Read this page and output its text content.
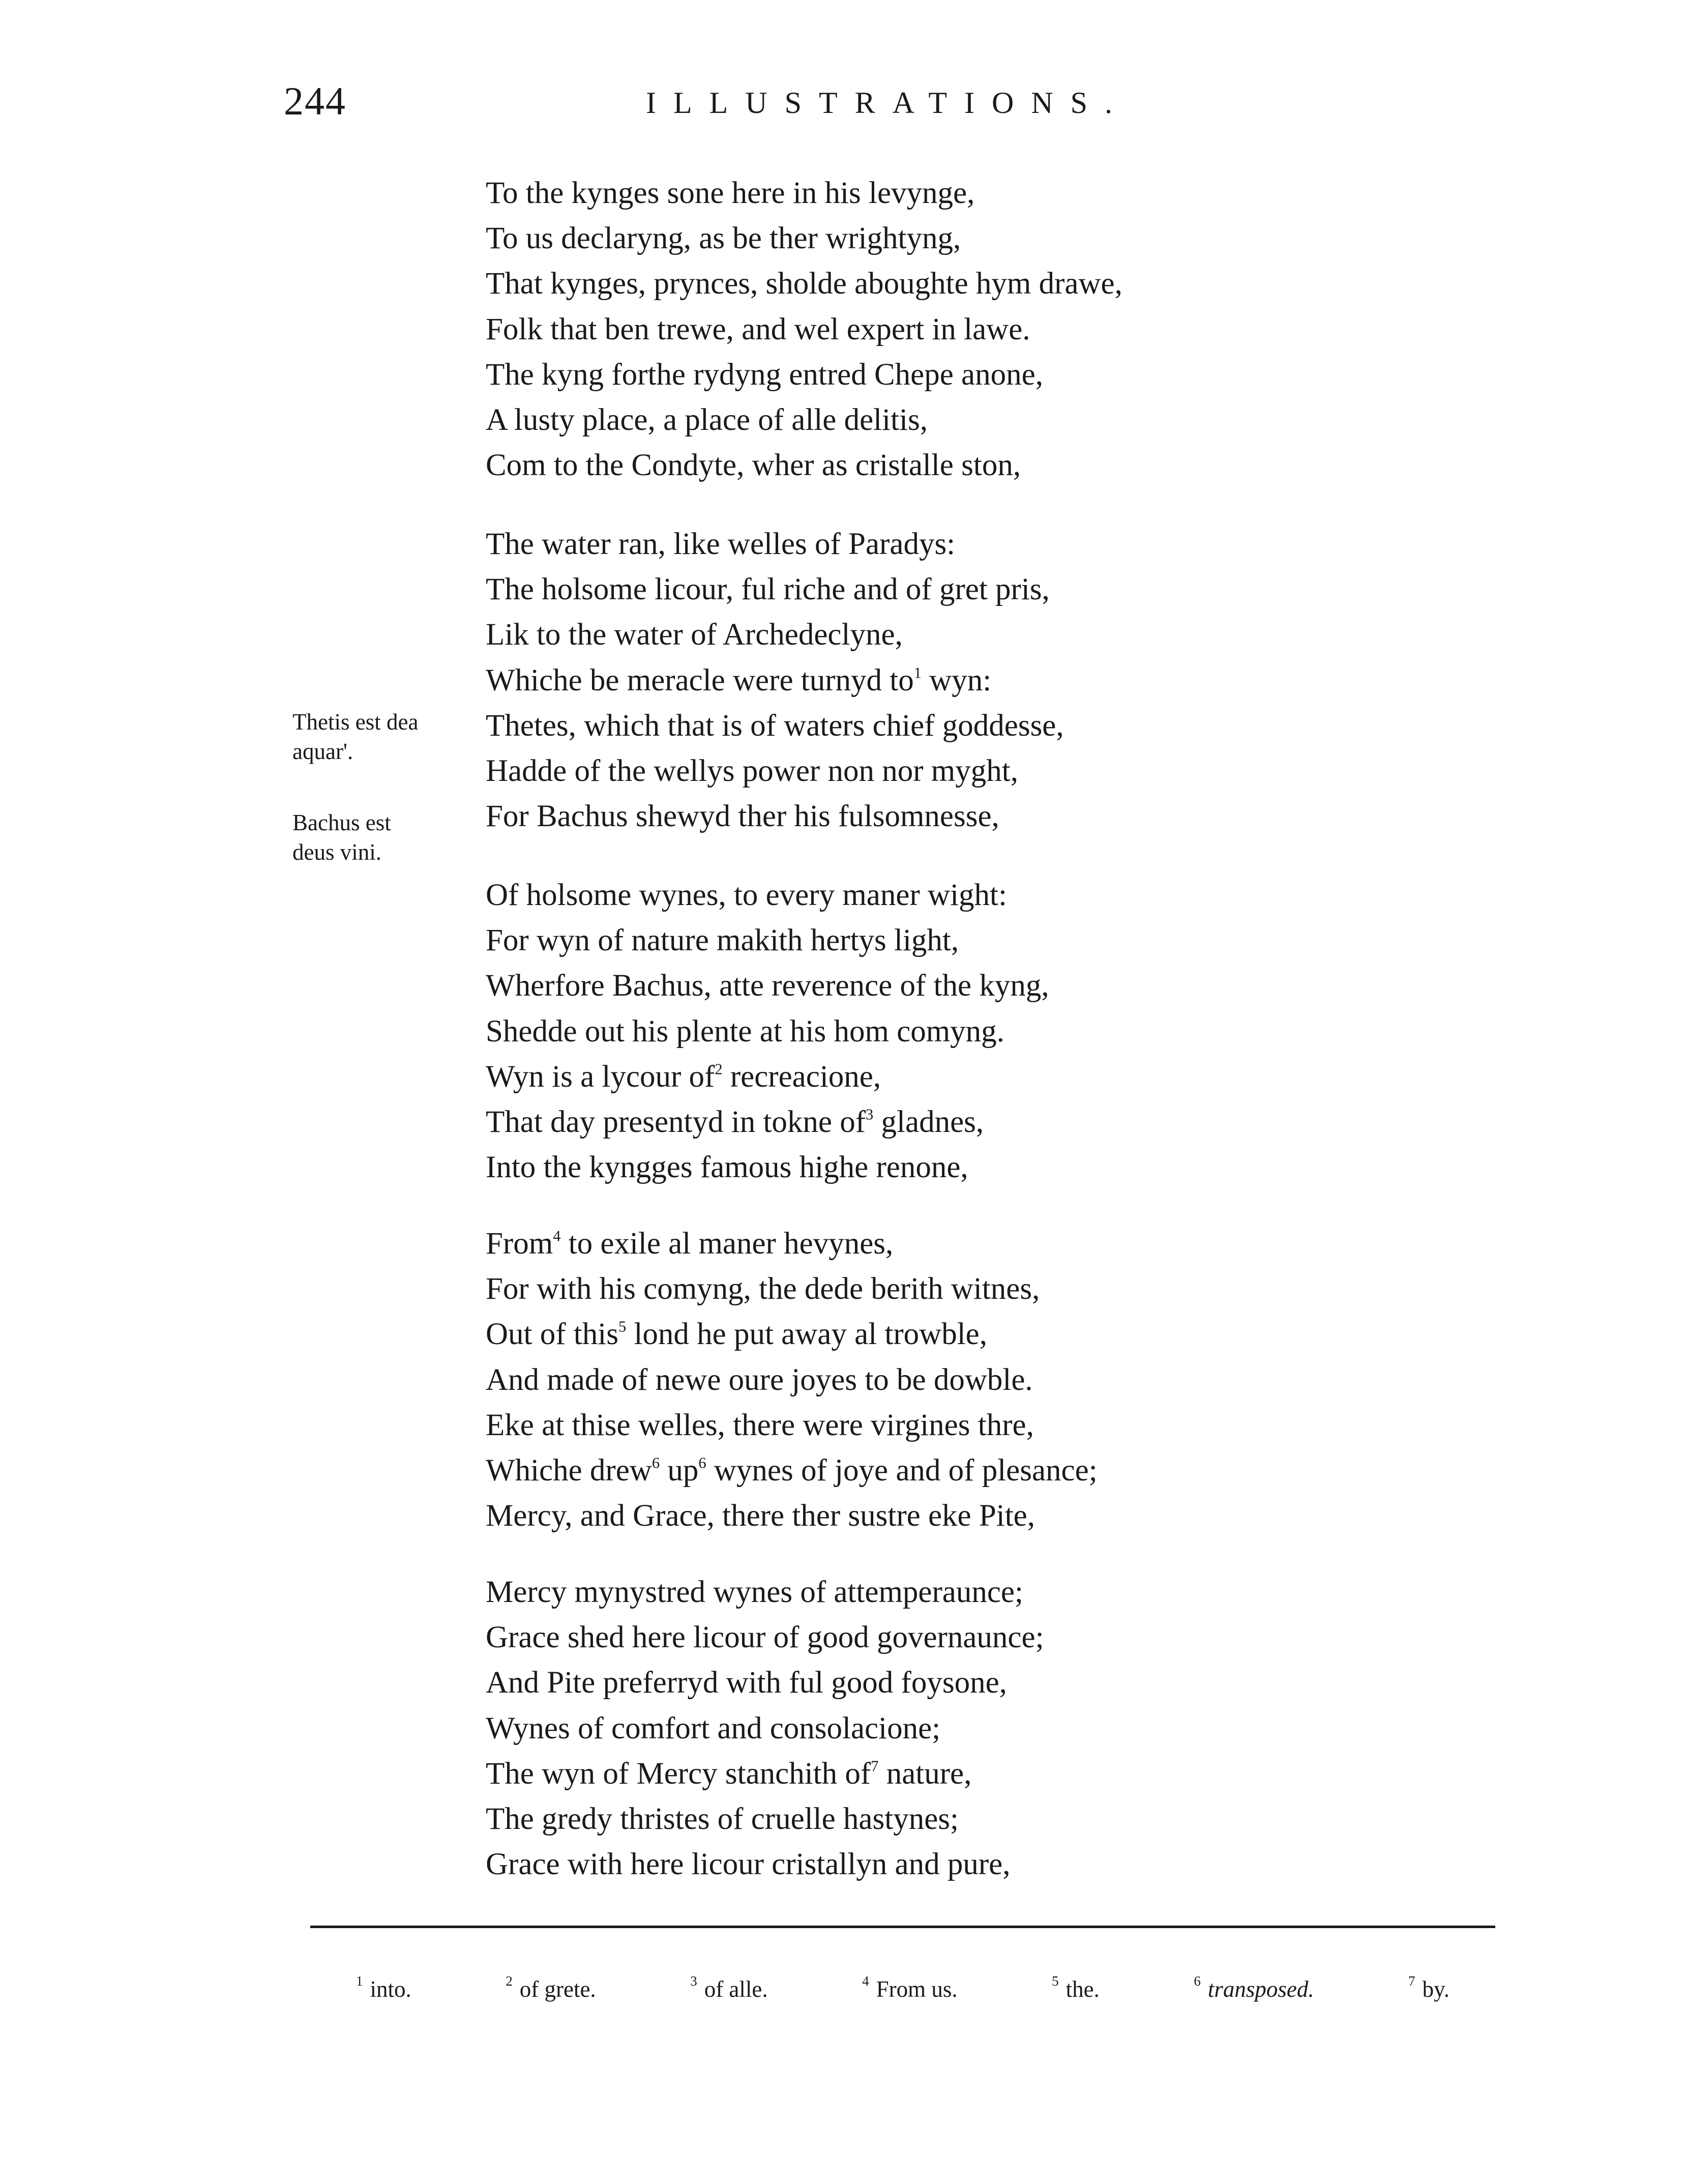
244	ILLUSTRATIONS.
To the kynges sone here in his levynge,
To us declaryng, as be ther wrightyng,
That kynges, prynces, sholde aboughte hym drawe,
Folk that ben trewe, and wel expert in lawe.
The kyng forthe rydyng entred Chepe anone,
A lusty place, a place of alle delitis,
Com to the Condyte, wher as cristalle ston,
The water ran, like welles of Paradys:
The holsome licour, ful riche and of gret pris,
Lik to the water of Archedeclyne,
Whiche be meracle were turnyd $to^1$ wyn:
Thetes, which that is of waters chief goddesse,
Hadde of the wellys power non nor myght,
For Bachus shewyd ther his fulsomnesse,
Of holsome wynes, to every maner wight:
For wyn of nature makith hertys light,
Wherfore Bachus, atte reverence of the kyng,
Shedde out his plente at his hom comyng.
Wyn is a lycour $of^2$ recreacione,
That day presentyd in tokne $of^3$ gladnes,
Into the kyngges famous highe renone,
From$^4$ to exile al maner hevynes,
For with his comyng, the dede berith witnes,
Out of this$^5$ lond he put away al trowble,
And made of newe oure joyes to be dowble.
Eke at thise welles, there were virgines thre,
Whiche drew$^6$ $up^6$ wynes of joye and of plesance;
Mercy, and Grace, there ther sustre eke Pite,
Mercy mynystred wynes of attemperaunce;
Grace shed here licour of good governaunce;
And Pite preferryd with ful good foysone,
Wynes of comfort and consolacione;
The wyn of Mercy stanchith $of^7$ nature,
The gredy thristes of cruelle hastynes;
Grace with here licour cristallyn and pure,
Thetis est dea
aquar'.
Bachus est
deus vini.
$^1$ into.	$^2$ of grete.	$^3$ of alle.	$^4$ From us.	$^5$ the.	$^6$ transposed.	$^7$ by.
